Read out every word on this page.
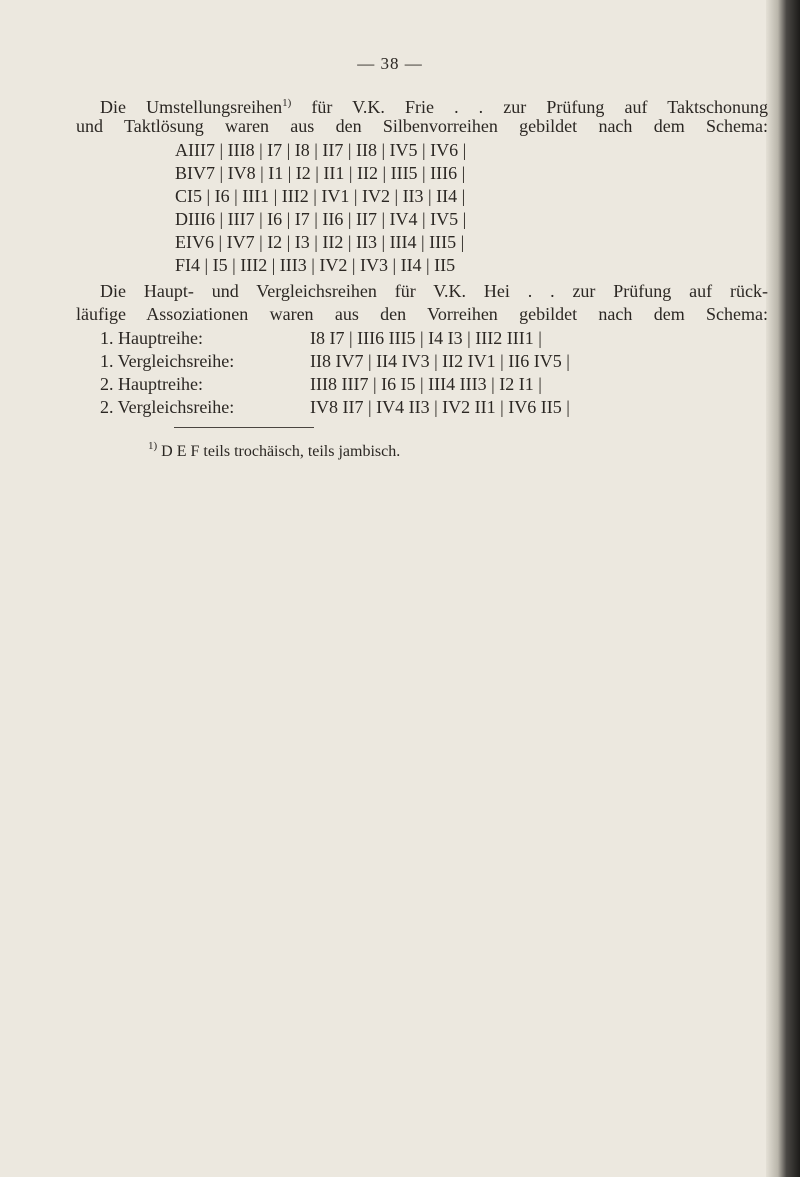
— 38 —
Die Umstellungsreihen$^{1)}$ für V.K. Frie . . zur Prüfung auf Taktschonung
und Taktlösung waren aus den Silbenvorreihen gebildet nach dem Schema:
AIII7 | III8 | I7 | I8 | II7 | II8 | IV5 | IV6 |
BIV7 | IV8 | I1 | I2 | II1 | II2 | III5 | III6 |
CI5 | I6 | III1 | III2 | IV1 | IV2 | II3 | II4 |
DIII6 | III7 | I6 | I7 | II6 | II7 | IV4 | IV5 |
EIV6 | IV7 | I2 | I3 | II2 | II3 | III4 | III5 |
FI4 | I5 | III2 | III3 | IV2 | IV3 | II4 | II5
Die Haupt- und Vergleichsreihen für V.K. Hei . . zur Prüfung auf rück-
läufige Assoziationen waren aus den Vorreihen gebildet nach dem Schema:
1. Hauptreihe:	I8 I7 | III6 III5 | I4 I3 | III2 III1 |
1. Vergleichsreihe:	II8 IV7 | II4 IV3 | II2 IV1 | II6 IV5 |
2. Hauptreihe:	III8 III7 | I6 I5 | III4 III3 | I2 I1 |
2. Vergleichsreihe:	IV8 II7 | IV4 II3 | IV2 II1 | IV6 II5 |
$^{1)}$ D E F teils trochäisch, teils jambisch.
